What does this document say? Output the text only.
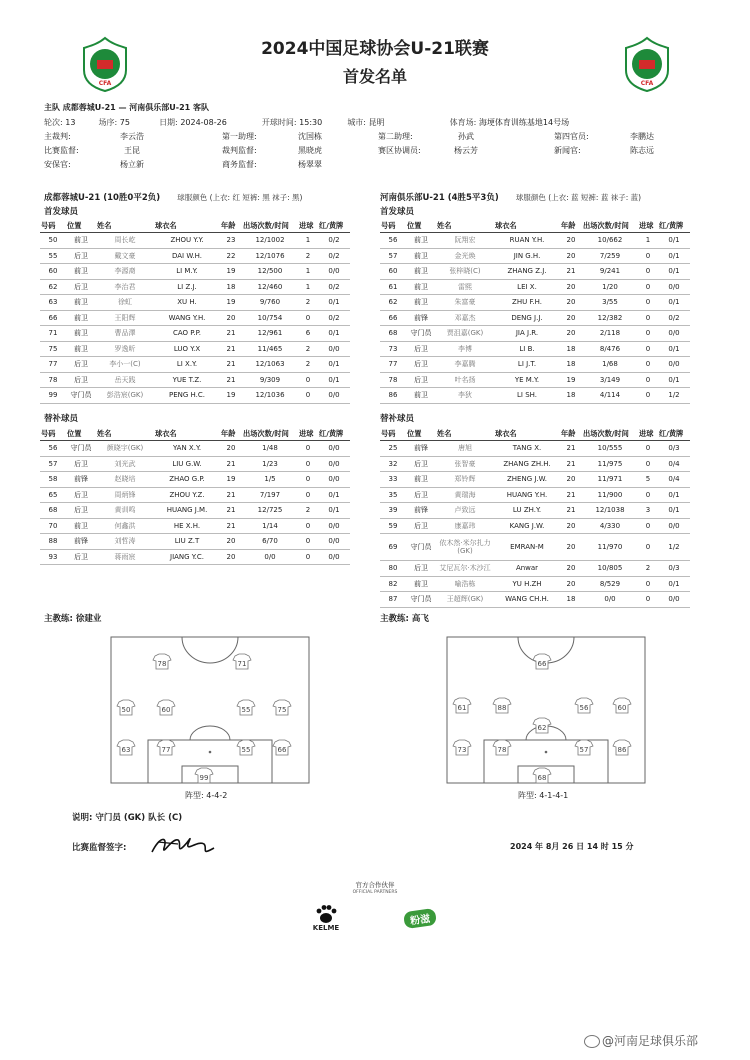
CFA	CFA
2024中国足球协会U-21联赛
首发名单
主队 成都蓉城U-21 — 河南俱乐部U-21 客队
轮次: 13	场序: 75	日期: 2024-08-26	开球时间: 15:30	城市: 昆明	体育场: 海埂体育训练基地14号场
主裁判:	李云浩	第一助理:	沈国栋	第二助理:	孙武	第四官员:	李鹏达
比赛监督:	王昆	裁判监督:	黑晓虎	赛区协调员:	杨云芳	新闻官:	陈志远
安保官:	杨立新	商务监督:	杨翠翠
成都蓉城U-21 (10胜0平2负) 球服颜色 (上衣: 红 短裤: 黑 袜子: 黑)	河南俱乐部U-21 (4胜5平3负) 球服颜色 (上衣: 蓝 短裤: 蓝 袜子: 蓝)
首发球员	首发球员
号码	位置	姓名	球衣名	年龄	出场次数/时间	进球	红/黄牌
50	前卫	周长屹	ZHOU Y.Y.	23	12/1002	1	0/2
55	后卫	戴文豪	DAI W.H.	22	12/1076	2	0/2
60	前卫	李源裔	LI M.Y.	19	12/500	1	0/0
62	后卫	李治君	LI Z.J.	18	12/460	1	0/2
63	前卫	徐虹	XU H.	19	9/760	2	0/1
66	前卫	王阳辉	WANG Y.H.	20	10/754	0	0/2
71	前卫	曹品澤	CAO P.P.	21	12/961	6	0/1
75	前卫	罗逸昕	LUO Y.X	21	11/465	2	0/0
77	后卫	李小一(C)	LI X.Y.	21	12/1063	2	0/1
78	后卫	岳天践	YUE T.Z.	21	9/309	0	0/1
99	守门员	彭浩宸(GK)	PENG H.C.	19	12/1036	0	0/0
号码	位置	姓名	球衣名	年龄	出场次数/时间	进球	红/黄牌
56	前卫	阮翔宏	RUAN Y.H.	20	10/662	1	0/1
57	前卫	金光焕	JIN G.H.	20	7/259	0	0/1
60	前卫	张梓晓(C)	ZHANG Z.J.	21	9/241	0	0/1
61	前卫	雷熙	LEI X.	20	1/20	0	0/0
62	前卫	朱富豪	ZHU F.H.	20	3/55	0	0/1
66	前锋	邓嘉杰	DENG J.J.	20	12/382	0	0/2
68	守门员	贾沮嘉(GK)	JIA J.R.	20	2/118	0	0/0
73	后卫	李博	LI B.	18	8/476	0	0/1
77	后卫	李嘉腾	LI J.T.	18	1/68	0	0/0
78	后卫	叶名扬	YE M.Y.	19	3/149	0	0/1
86	前卫	李狄	LI SH.	18	4/114	0	1/2
替补球员	替补球员
号码	位置	姓名	球衣名	年龄	出场次数/时间	进球	红/黄牌
56	守门员	颜晓宇(GK)	YAN X.Y.	20	1/48	0	0/0
57	后卫	刘光武	LIU G.W.	21	1/23	0	0/0
58	前锋	赵晓培	ZHAO G.P.	19	1/5	0	0/0
65	后卫	周炳锋	ZHOU Y.Z.	21	7/197	0	0/1
68	后卫	黄训鸣	HUANG J.M.	21	12/725	2	0/1
70	前卫	何鑫洪	HE X.H.	21	1/14	0	0/0
88	前锋	刘哲涛	LIU Z.T	20	6/70	0	0/0
93	后卫	蒋雨宸	JIANG Y.C.	20	0/0	0	0/0
号码	位置	姓名	球衣名	年龄	出场次数/时间	进球	红/黄牌
25	前锋	唐旭	TANG X.	21	10/555	0	0/3
32	后卫	张智豪	ZHANG ZH.H.	21	11/975	0	0/4
33	前卫	郑铃辉	ZHENG J.W.	20	11/971	5	0/4
35	后卫	黄瑞海	HUANG Y.H.	21	11/900	0	0/1
39	前锋	卢致远	LU ZH.Y.	21	12/1038	3	0/1
59	后卫	康嘉玮	KANG J.W.	20	4/330	0	0/0
69	守门员	依木然·米尔扎力(GK)	EMRAN-M	20	11/970	0	1/2
80	后卫	艾尼瓦尔·木沙江	Anwar	20	10/805	2	0/3
82	前卫	喻浩栋	YU H.ZH	20	8/529	0	0/1
87	守门员	王超辉(GK)	WANG CH.H.	18	0/0	0	0/0
主教练: 徐建业	主教练: 高飞
78	71
50	60	55	75
63	77	55	66
99
66
61	88	56	60
62
73	78	57	86
68
阵型: 4-4-2	阵型: 4-1-4-1
说明: 守门员 (GK) 队长 (C)
比赛监督签字:	2024 年 8月 26 日 14 时 15 分
官方合作伙伴
OFFICIAL PARTNERS
KELME
粉滋
@河南足球俱乐部
